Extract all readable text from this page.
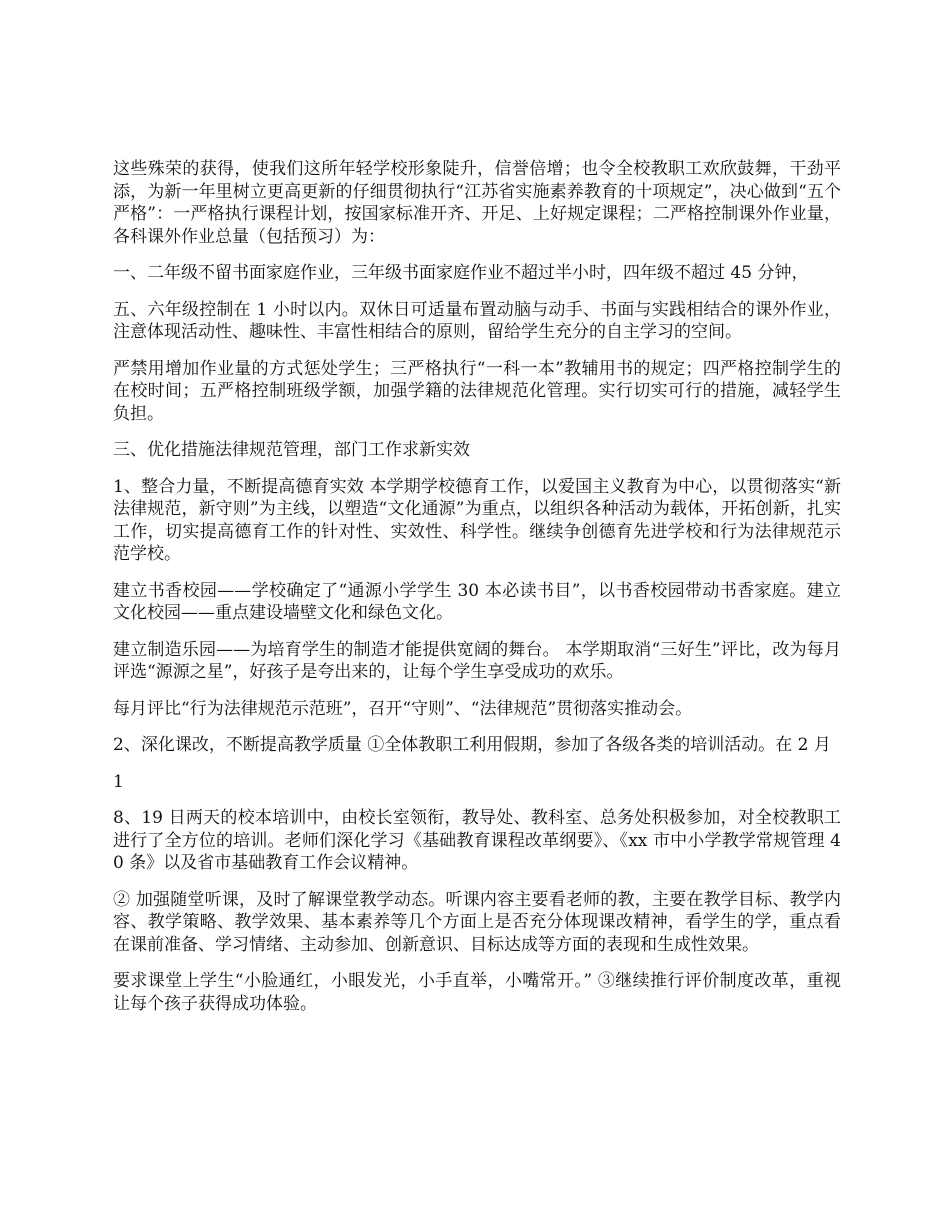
这些殊荣的获得，使我们这所年轻学校形象陡升，信誉倍增；也令全校教职工欢欣鼓舞，干劲平添，为新一年里树立更高更新的仔细贯彻执行“江苏省实施素养教育的十项规定”，决心做到“五个严格”：一严格执行课程计划，按国家标准开齐、开足、上好规定课程；二严格控制课外作业量，各科课外作业总量（包括预习）为：

一、二年级不留书面家庭作业，三年级书面家庭作业不超过半小时，四年级不超过 45 分钟，

五、六年级控制在 1 小时以内。双休日可适量布置动脑与动手、书面与实践相结合的课外作业，注意体现活动性、趣味性、丰富性相结合的原则，留给学生充分的自主学习的空间。

严禁用增加作业量的方式惩处学生；三严格执行“一科一本”教辅用书的规定；四严格控制学生的在校时间；五严格控制班级学额，加强学籍的法律规范化管理。实行切实可行的措施，减轻学生负担。

三、优化措施法律规范管理，部门工作求新实效

1、整合力量，不断提高德育实效 本学期学校德育工作，以爱国主义教育为中心，以贯彻落实“新法律规范，新守则”为主线，以塑造“文化通源”为重点，以组织各种活动为载体，开拓创新，扎实工作，切实提高德育工作的针对性、实效性、科学性。继续争创德育先进学校和行为法律规范示范学校。

建立书香校园——学校确定了“通源小学学生 30 本必读书目”，以书香校园带动书香家庭。建立文化校园——重点建设墙壁文化和绿色文化。

建立制造乐园——为培育学生的制造才能提供宽阔的舞台。 本学期取消“三好生”评比，改为每月评选“源源之星”，好孩子是夸出来的，让每个学生享受成功的欢乐。

每月评比“行为法律规范示范班”，召开“守则”、“法律规范”贯彻落实推动会。

2、深化课改，不断提高教学质量 ①全体教职工利用假期，参加了各级各类的培训活动。在 2 月

1

8、19 日两天的校本培训中，由校长室领衔，教导处、教科室、总务处积极参加，对全校教职工进行了全方位的培训。老师们深化学习《基础教育课程改革纲要》、《xx 市中小学教学常规管理 40 条》以及省市基础教育工作会议精神。

② 加强随堂听课，及时了解课堂教学动态。听课内容主要看老师的教，主要在教学目标、教学内容、教学策略、教学效果、基本素养等几个方面上是否充分体现课改精神，看学生的学，重点看在课前准备、学习情绪、主动参加、创新意识、目标达成等方面的表现和生成性效果。

要求课堂上学生“小脸通红，小眼发光，小手直举，小嘴常开。” ③继续推行评价制度改革，重视让每个孩子获得成功体验。
